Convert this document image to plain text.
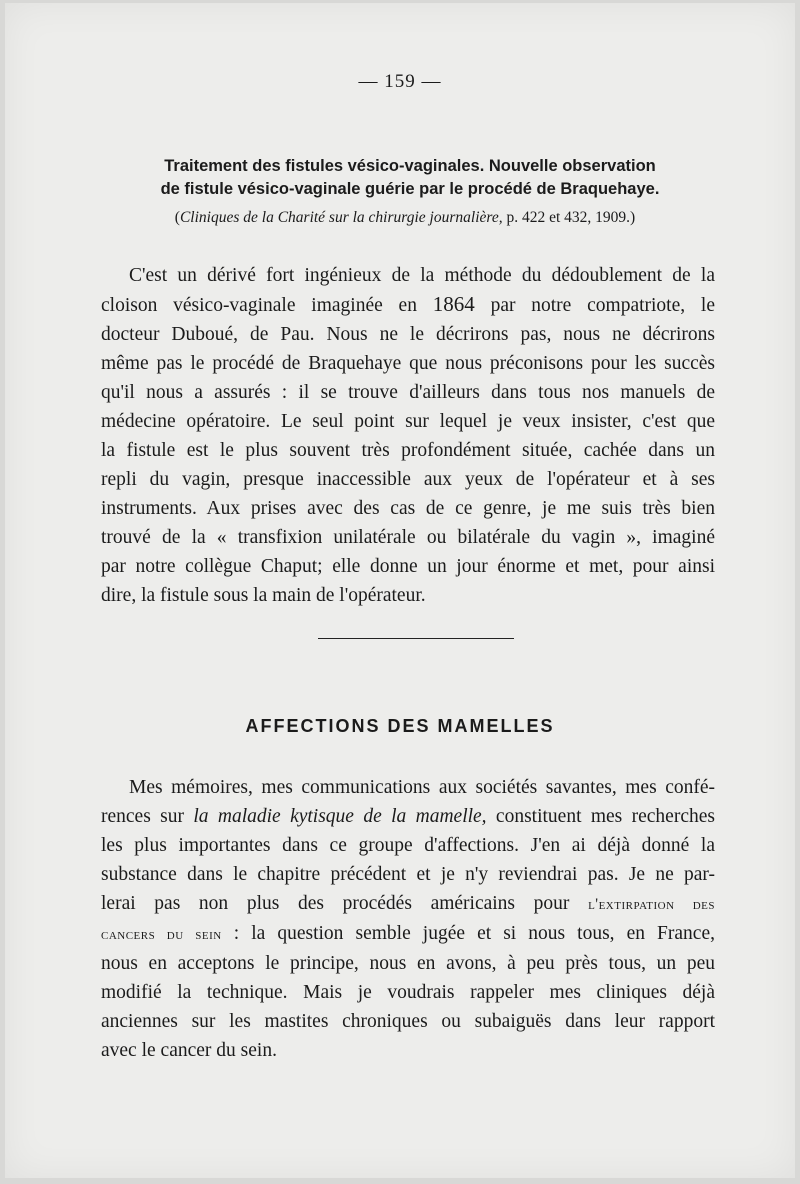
— 159 —
Traitement des fistules vésico-vaginales. Nouvelle observation
de fistule vésico-vaginale guérie par le procédé de Braquehaye.
(Cliniques de la Charité sur la chirurgie journalière, p. 422 et 432, 1909.)
C'est un dérivé fort ingénieux de la méthode du dédoublement de la
cloison vésico-vaginale imaginée en 1864 par notre compatriote, le
docteur Duboué, de Pau. Nous ne le décrirons pas, nous ne décrirons
même pas le procédé de Braquehaye que nous préconisons pour les succès
qu'il nous a assurés : il se trouve d'ailleurs dans tous nos manuels de
médecine opératoire. Le seul point sur lequel je veux insister, c'est que
la fistule est le plus souvent très profondément située, cachée dans un
repli du vagin, presque inaccessible aux yeux de l'opérateur et à ses
instruments. Aux prises avec des cas de ce genre, je me suis très bien
trouvé de la « transfixion unilatérale ou bilatérale du vagin », imaginé
par notre collègue Chaput; elle donne un jour énorme et met, pour ainsi
dire, la fistule sous la main de l'opérateur.
AFFECTIONS DES MAMELLES
Mes mémoires, mes communications aux sociétés savantes, mes confé-
rences sur la maladie kytisque de la mamelle, constituent mes recherches
les plus importantes dans ce groupe d'affections. J'en ai déjà donné la
substance dans le chapitre précédent et je n'y reviendrai pas. Je ne par-
lerai pas non plus des procédés américains pour l'extirpation des
cancers du sein : la question semble jugée et si nous tous, en France,
nous en acceptons le principe, nous en avons, à peu près tous, un peu
modifié la technique. Mais je voudrais rappeler mes cliniques déjà
anciennes sur les mastites chroniques ou subaiguës dans leur rapport
avec le cancer du sein.
